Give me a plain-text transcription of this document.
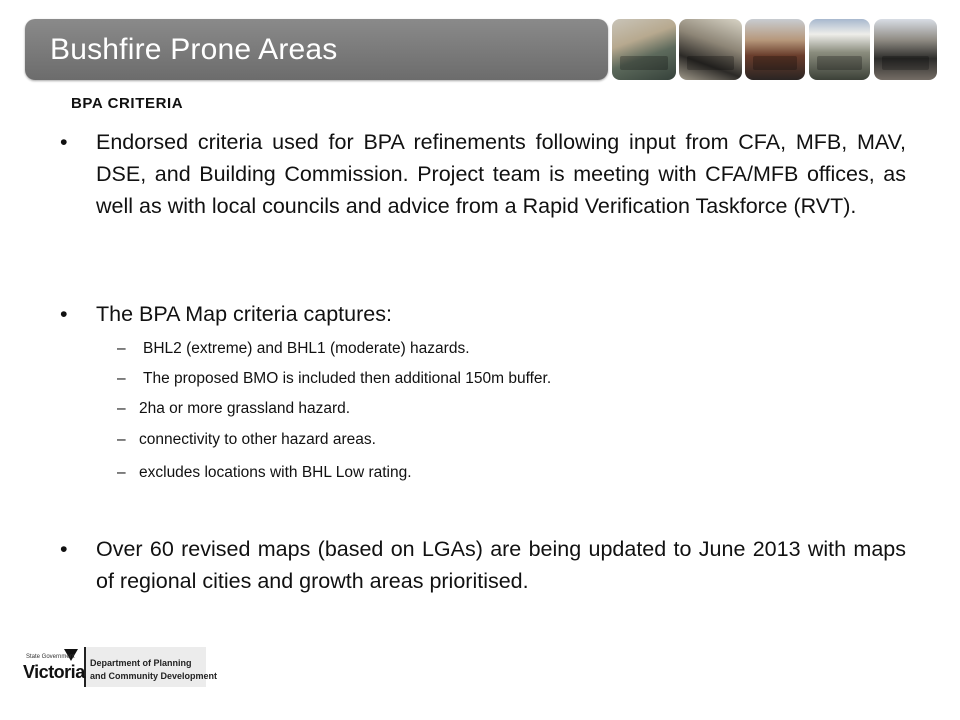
Bushfire Prone Areas
BPA CRITERIA
•	Endorsed criteria used for BPA refinements following input from CFA, MFB, MAV, DSE, and Building Commission. Project team is meeting with CFA/MFB offices, as well as with local councils and advice from a Rapid Verification Taskforce (RVT).
•	The BPA Map criteria captures:
– BHL2 (extreme) and BHL1 (moderate) hazards.
– The proposed BMO is included then additional 150m buffer.
– 2ha or more grassland hazard.
– connectivity to other hazard areas.
– excludes locations with BHL Low rating.
•	Over 60 revised maps (based on LGAs) are being updated to June 2013 with maps of regional cities and growth areas prioritised.
State Government
Victoria Department of Planning
and Community Development
